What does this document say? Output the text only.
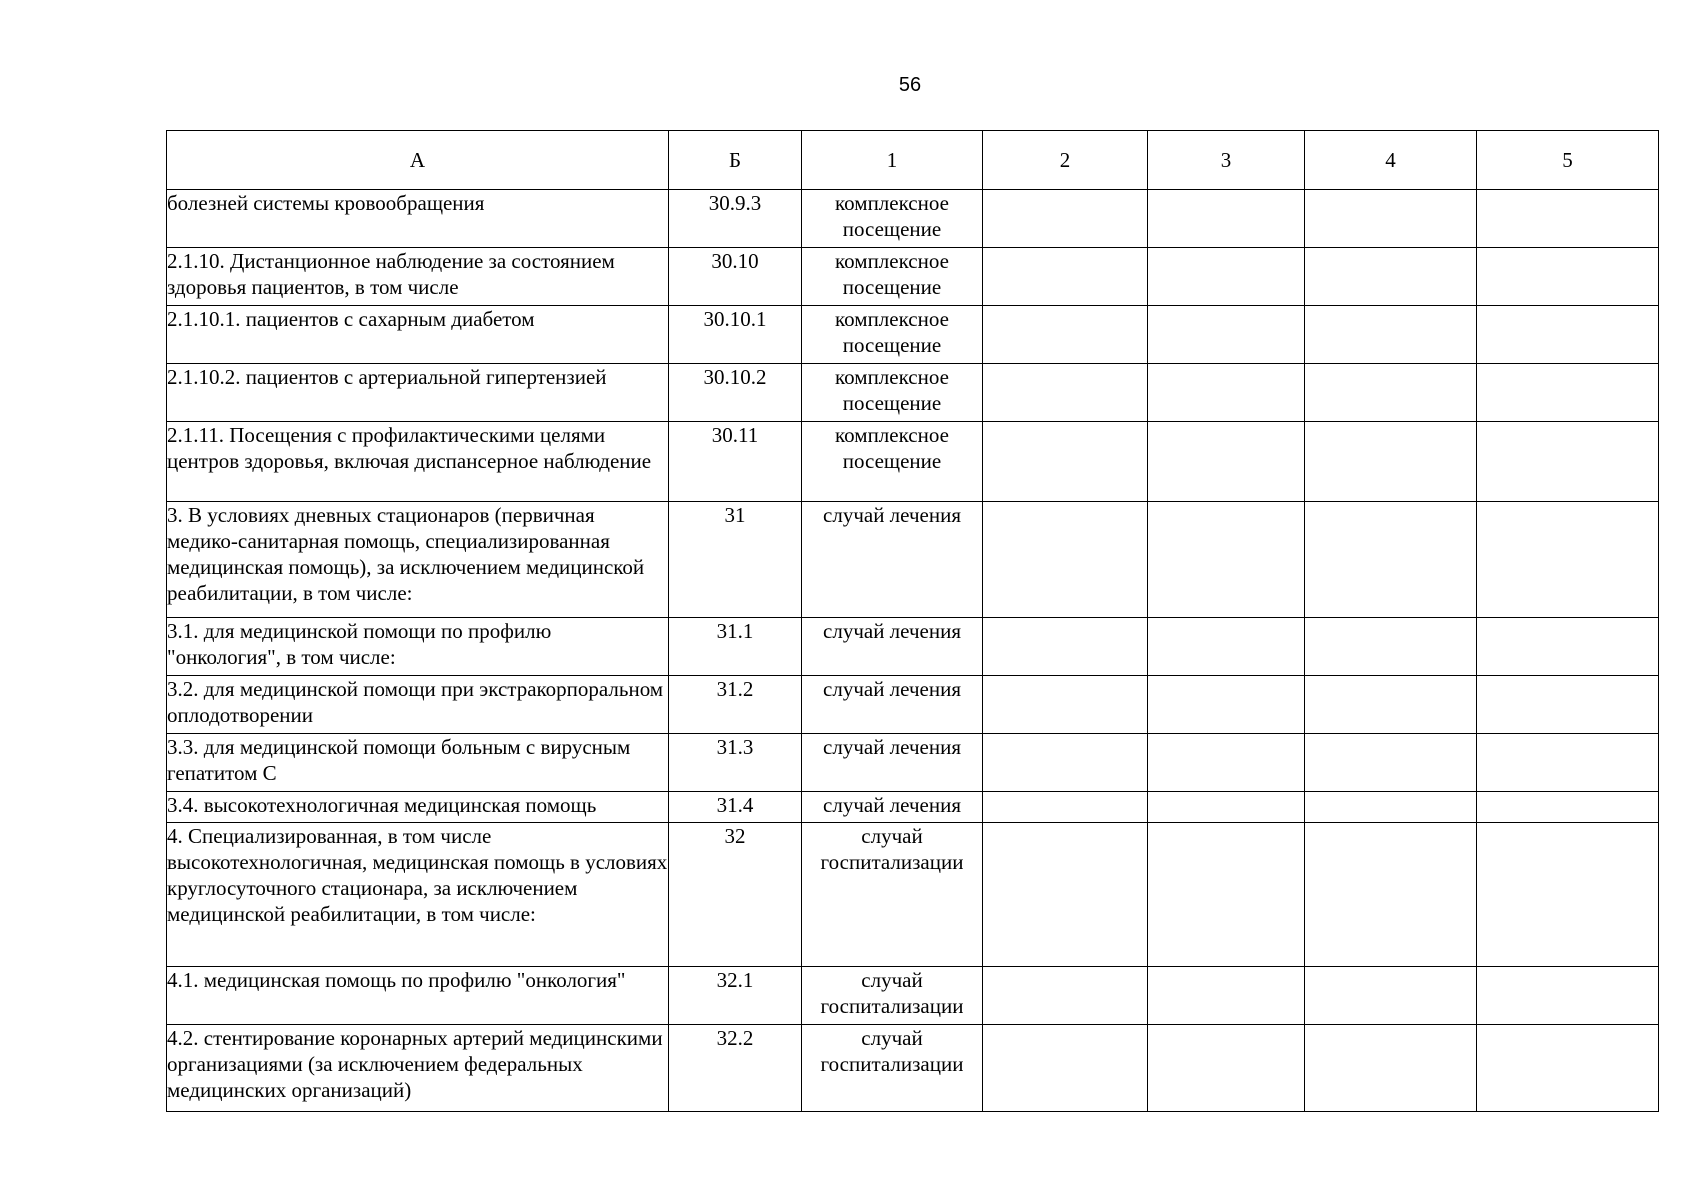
56
А	Б	1	2	3	4	5
болезней системы кровообращения	30.9.3	комплексное посещение				
2.1.10. Дистанционное наблюдение за состоянием здоровья пациентов, в том числе	30.10	комплексное посещение				
2.1.10.1. пациентов с сахарным диабетом	30.10.1	комплексное посещение				
2.1.10.2. пациентов с артериальной гипертензией	30.10.2	комплексное посещение				
2.1.11. Посещения с профилактическими целями центров здоровья, включая диспансерное наблюдение	30.11	комплексное посещение				
3. В условиях дневных стационаров (первичная медико-санитарная помощь, специализированная медицинская помощь), за исключением медицинской реабилитации, в том числе:	31	случай лечения				
3.1. для медицинской помощи по профилю "онкология", в том числе:	31.1	случай лечения				
3.2. для медицинской помощи при экстракорпоральном оплодотворении	31.2	случай лечения				
3.3. для медицинской помощи больным с вирусным гепатитом С	31.3	случай лечения				
3.4. высокотехнологичная медицинская помощь	31.4	случай лечения				
4. Специализированная, в том числе высокотехнологичная, медицинская помощь в условиях круглосуточного стационара, за исключением медицинской реабилитации, в том числе:	32	случай госпитализации				
4.1. медицинская помощь по профилю "онкология"	32.1	случай госпитализации				
4.2. стентирование коронарных артерий медицинскими организациями (за исключением федеральных медицинских организаций)	32.2	случай госпитализации				
